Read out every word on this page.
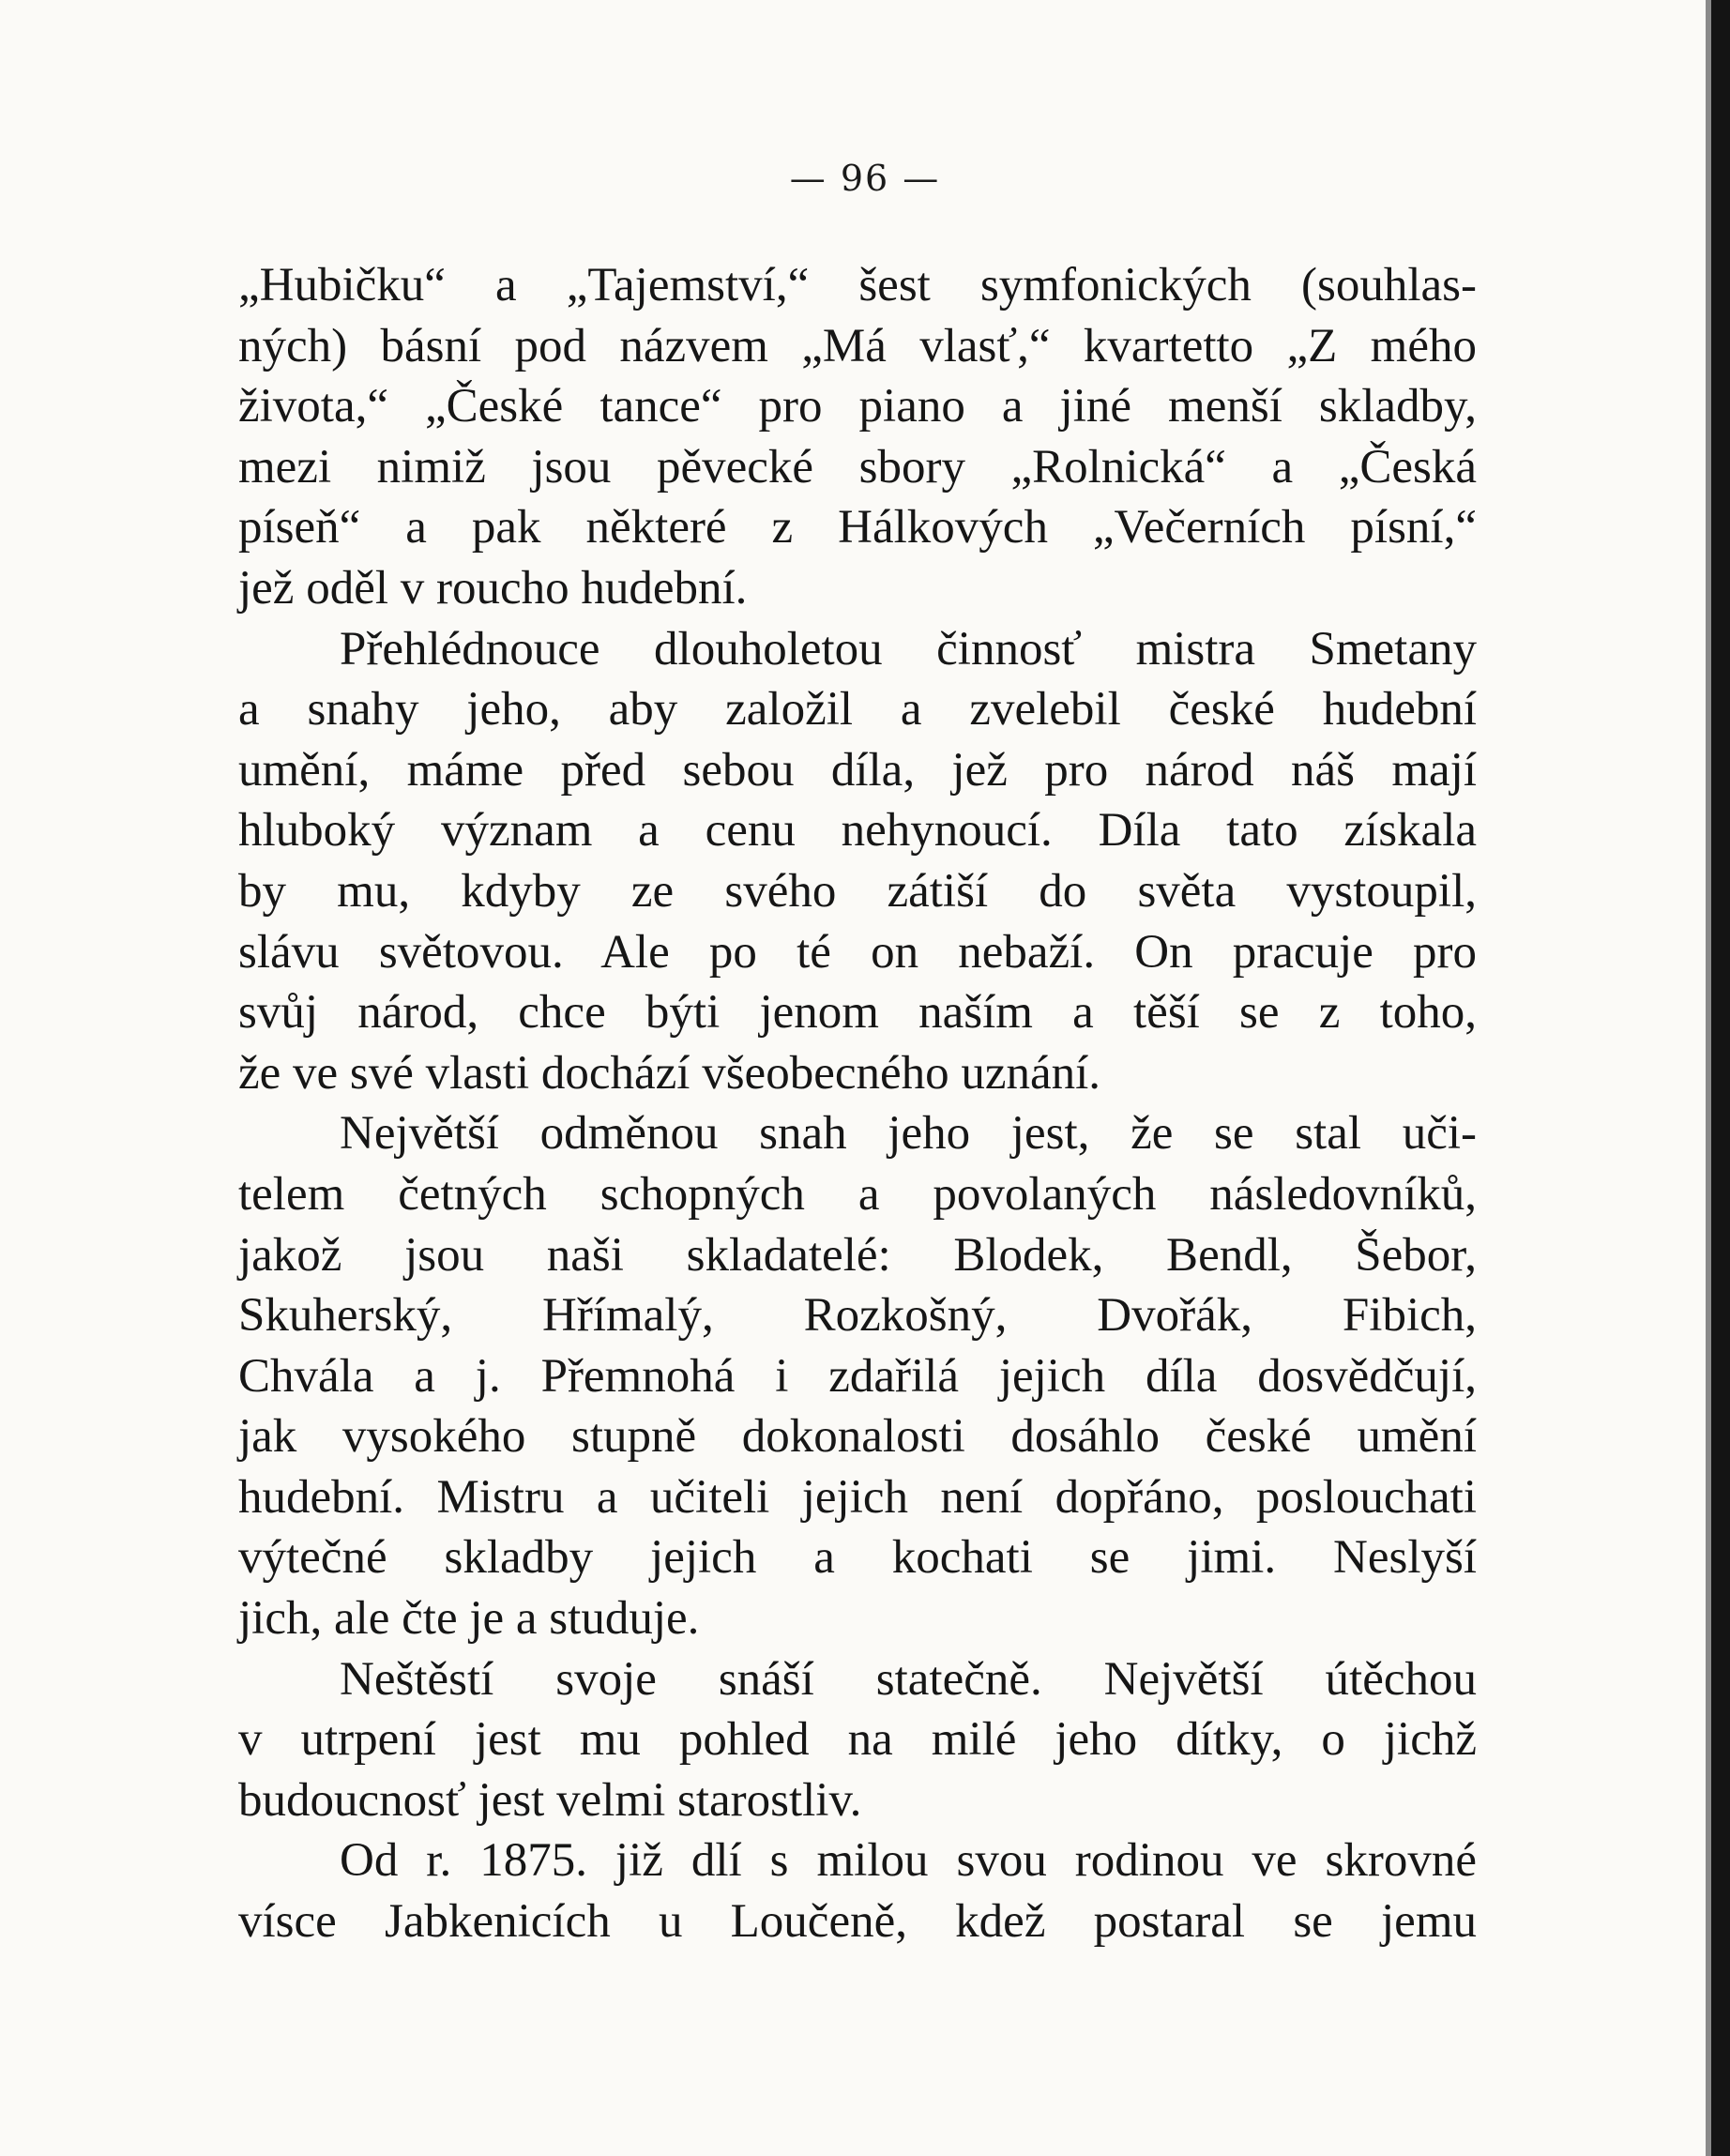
— 96 —
„Hubičku“ a „Tajemství,“ šest symfonických (souhlas-
ných) básní pod názvem „Má vlasť,“ kvartetto „Z mého
života,“ „České tance“ pro piano a jiné menší skladby,
mezi nimiž jsou pěvecké sbory „Rolnická“ a „Česká
píseň“ a pak některé z Hálkových „Večerních písní,“
jež oděl v roucho hudební.
Přehlédnouce dlouholetou činnosť mistra Smetany
a snahy jeho, aby založil a zvelebil české hudební
umění, máme před sebou díla, jež pro národ náš mají
hluboký význam a cenu nehynoucí. Díla tato získala
by mu, kdyby ze svého zátiší do světa vystoupil,
slávu světovou. Ale po té on nebaží. On pracuje pro
svůj národ, chce býti jenom naším a těší se z toho,
že ve své vlasti dochází všeobecného uznání.
Největší odměnou snah jeho jest, že se stal uči-
telem četných schopných a povolaných následovníků,
jakož jsou naši skladatelé: Blodek, Bendl, Šebor,
Skuherský, Hřímalý, Rozkošný, Dvořák, Fibich,
Chvála a j. Přemnohá i zdařilá jejich díla dosvědčují,
jak vysokého stupně dokonalosti dosáhlo české umění
hudební. Mistru a učiteli jejich není dopřáno, poslouchati
výtečné skladby jejich a kochati se jimi. Neslyší
jich, ale čte je a studuje.
Neštěstí svoje snáší statečně. Největší útěchou
v utrpení jest mu pohled na milé jeho dítky, o jichž
budoucnosť jest velmi starostliv.
Od r. 1875. již dlí s milou svou rodinou ve skrovné
vísce Jabkenicích u Loučeně, kdež postaral se jemu
